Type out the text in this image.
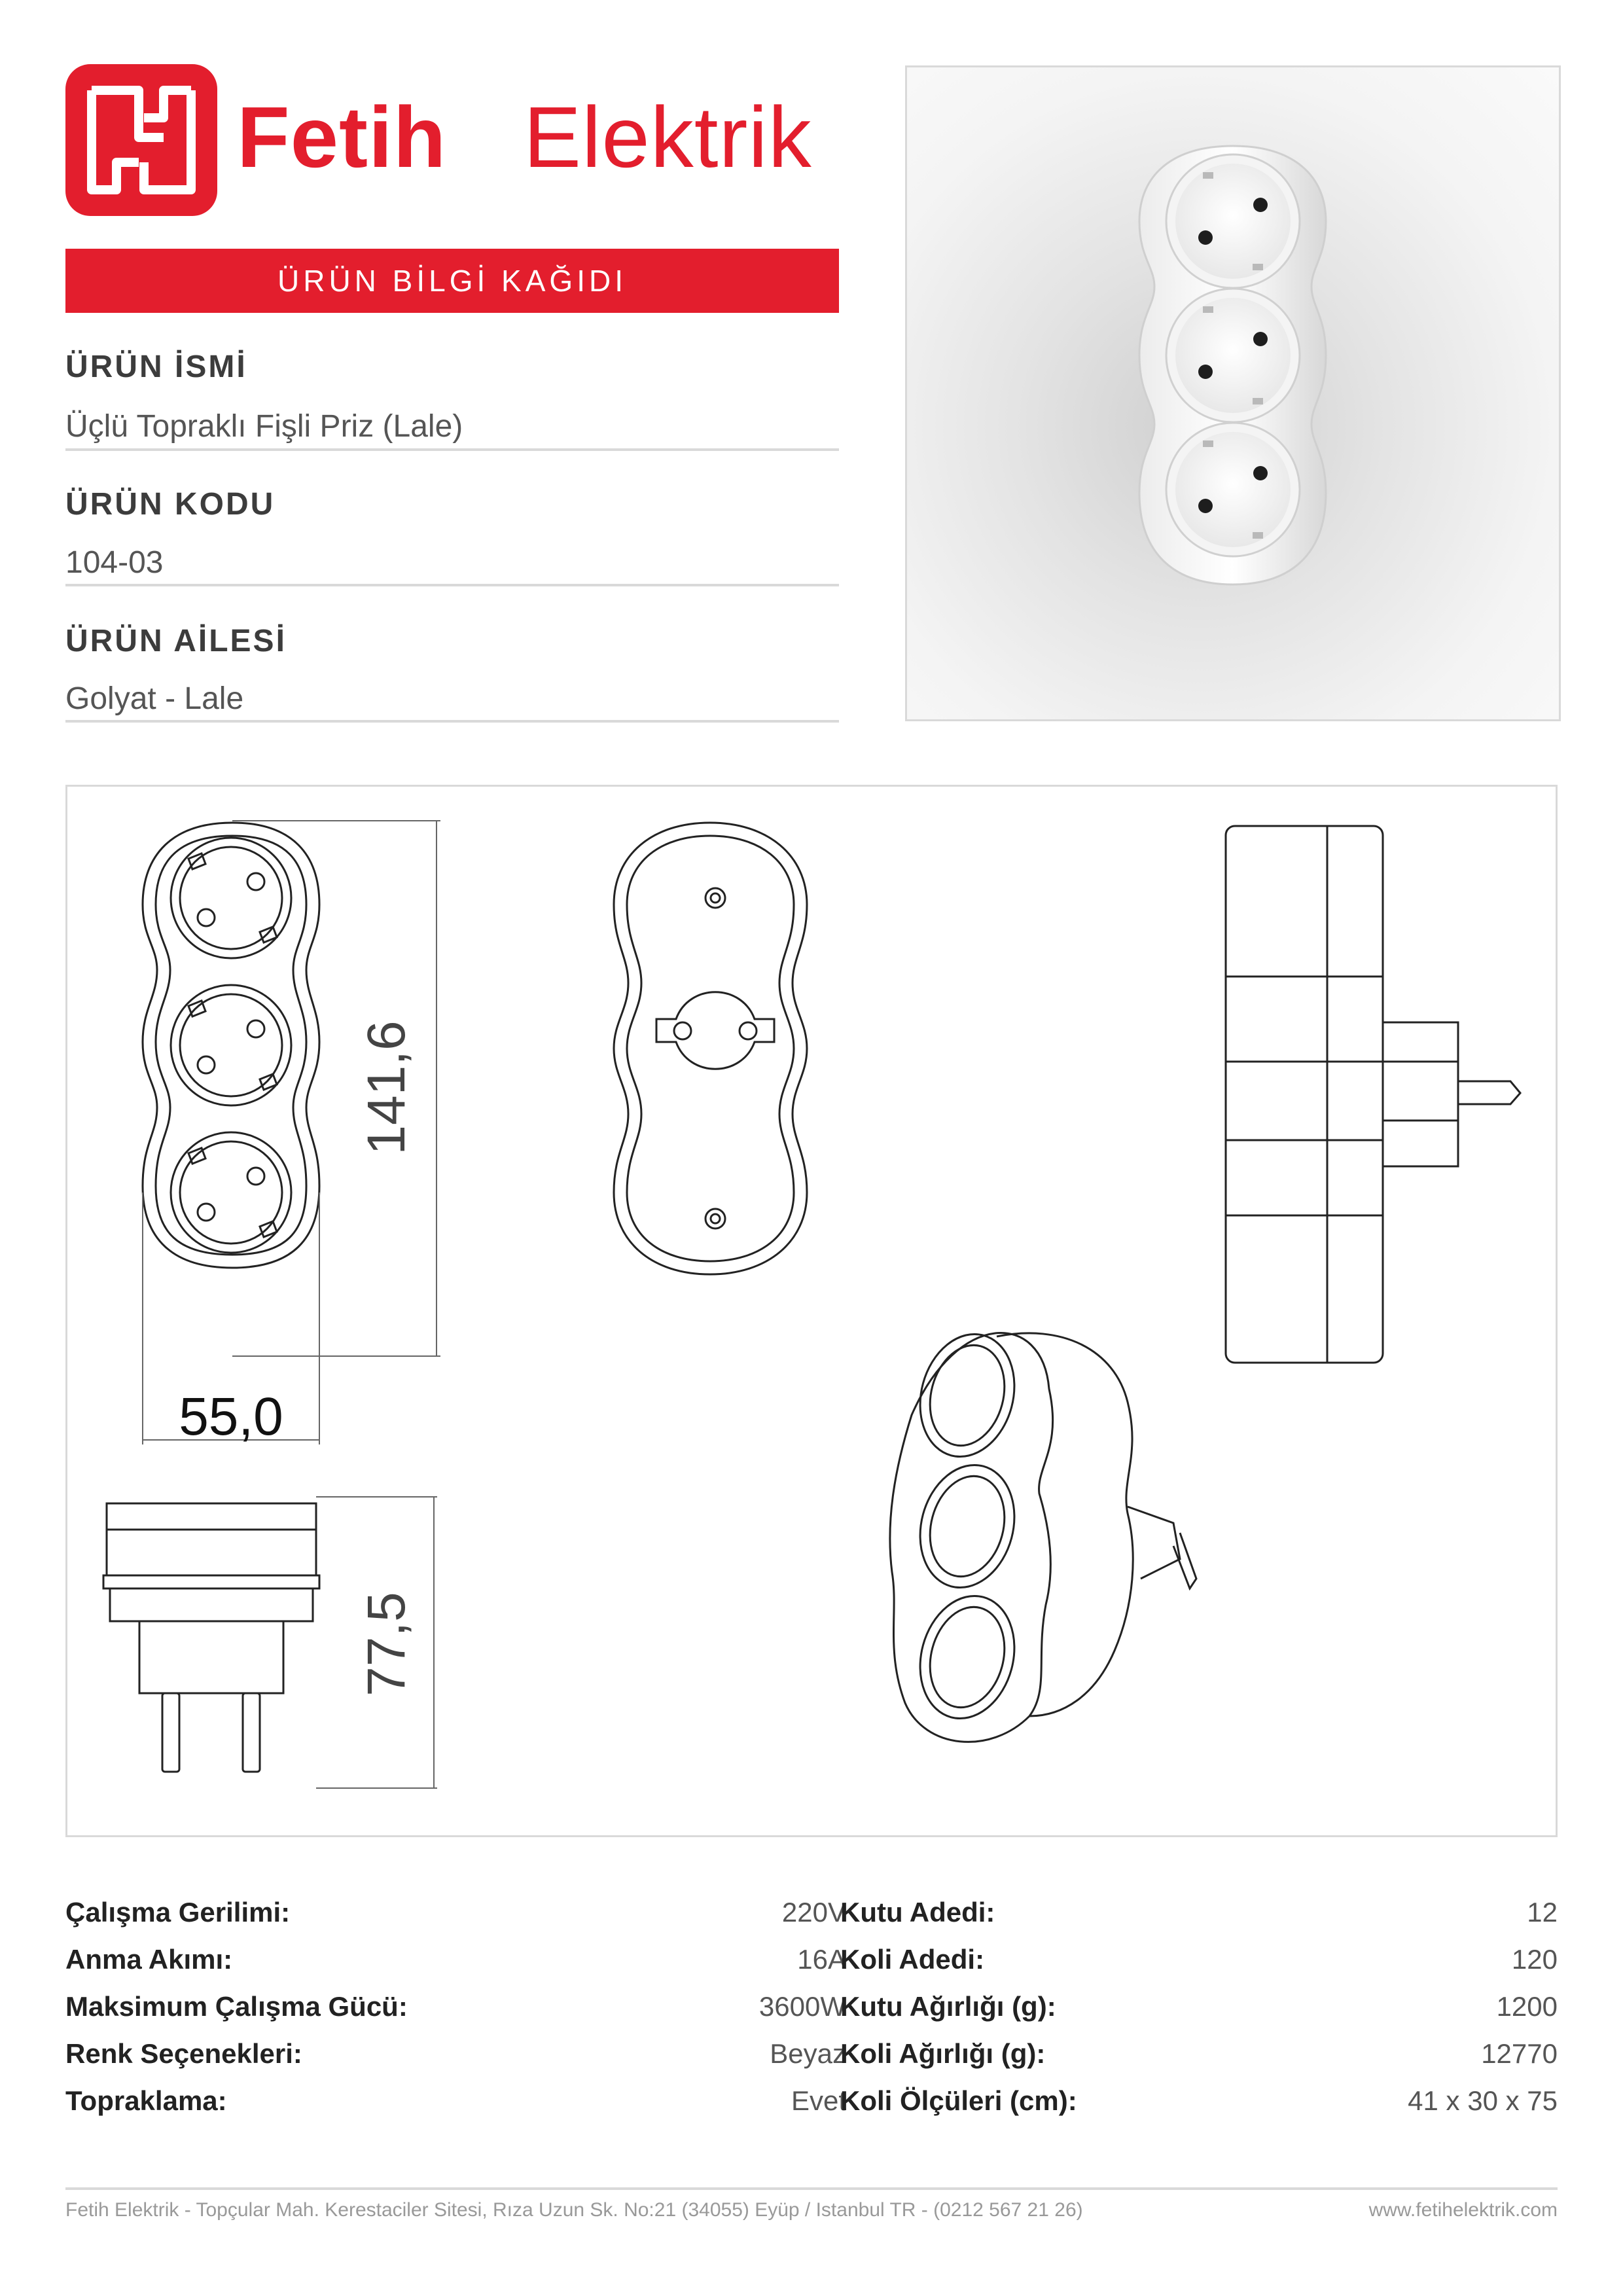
Fetih Elektrik
ÜRÜN BİLGİ KAĞIDI
ÜRÜN İSMİ
Üçlü Topraklı Fişli Priz (Lale)
ÜRÜN KODU
104-03
ÜRÜN AİLESİ
Golyat - Lale
141,6
55,0
77,5
Çalışma Gerilimi:	220V
Anma Akımı:	16A
Maksimum Çalışma Gücü:	3600W
Renk Seçenekleri:	Beyaz
Topraklama:	Evet
Kutu Adedi:	12
Koli Adedi:	120
Kutu Ağırlığı (g):	1200
Koli Ağırlığı (g):	12770
Koli Ölçüleri (cm):	41 x 30 x 75
Fetih Elektrik - Topçular Mah. Kerestaciler Sitesi, Rıza Uzun Sk. No:21 (34055) Eyüp / Istanbul TR - (0212 567 21 26)	www.fetihelektrik.com
